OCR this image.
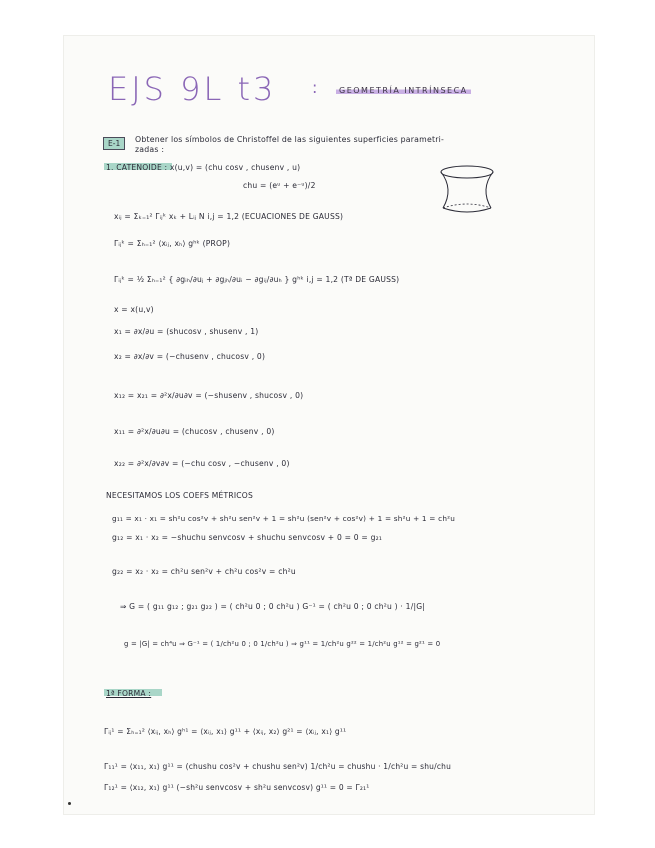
EJS 9L t3 :	GEOMETRÍA INTRÍNSECA
E-1	Obtener los símbolos de Christoffel de las siguientes superficies parametri-
zadas :
1. CATENOIDE : x(u,v) = (chu cosv , chusenv , u)
chu = (eᵘ + e⁻ᵘ)/2
xᵢⱼ = Σₖ₌₁² Γᵢⱼᵏ xₖ + Lᵢⱼ N i,j = 1,2 (ECUACIONES DE GAUSS)
Γᵢⱼᵏ = Σₕ₌₁² ⟨xᵢⱼ, xₕ⟩ gʰᵏ (PROP)
Γᵢⱼᵏ = ½ Σₕ₌₁² { ∂gᵢₕ/∂uⱼ + ∂gⱼₕ/∂uᵢ − ∂gᵢⱼ/∂uₕ } gʰᵏ i,j = 1,2 (Tª DE GAUSS)
x = x(u,v)
x₁ = ∂x/∂u = (shucosv , shusenv , 1)
x₂ = ∂x/∂v = (−chusenv , chucosv , 0)
x₁₂ = x₂₁ = ∂²x/∂u∂v = (−shusenv , shucosv , 0)
x₁₁ = ∂²x/∂u∂u = (chucosv , chusenv , 0)
x₂₂ = ∂²x/∂v∂v = (−chu cosv , −chusenv , 0)
NECESITAMOS LOS COEFS MÉTRICOS
g₁₁ = x₁ · x₁ = sh²u cos²v + sh²u sen²v + 1 = sh²u (sen²v + cos²v) + 1 = sh²u + 1 = ch²u
g₁₂ = x₁ · x₂ = −shuchu senvcosv + shuchu senvcosv + 0 = 0 = g₂₁
g₂₂ = x₂ · x₂ = ch²u sen²v + ch²u cos²v = ch²u
⇒ G = ( g₁₁ g₁₂ ; g₂₁ g₂₂ ) = ( ch²u 0 ; 0 ch²u ) G⁻¹ = ( ch²u 0 ; 0 ch²u ) · 1/|G|
g = |G| = ch⁴u ⇒ G⁻¹ = ( 1/ch²u 0 ; 0 1/ch²u ) ⇒ g¹¹ = 1/ch²u g²² = 1/ch²u g¹² = g²¹ = 0
1ª FORMA :
Γᵢⱼ¹ = Σₕ₌₁² ⟨xᵢⱼ, xₕ⟩ gʰ¹ = ⟨xᵢⱼ, x₁⟩ g¹¹ + ⟨xᵢⱼ, x₂⟩ g²¹ = ⟨xᵢⱼ, x₁⟩ g¹¹
Γ₁₁¹ = ⟨x₁₁, x₁⟩ g¹¹ = (chushu cos²v + chushu sen²v) 1/ch²u = chushu · 1/ch²u = shu/chu
Γ₁₂¹ = ⟨x₁₂, x₁⟩ g¹¹ (−sh²u senvcosv + sh²u senvcosv) g¹¹ = 0 = Γ₂₁¹
